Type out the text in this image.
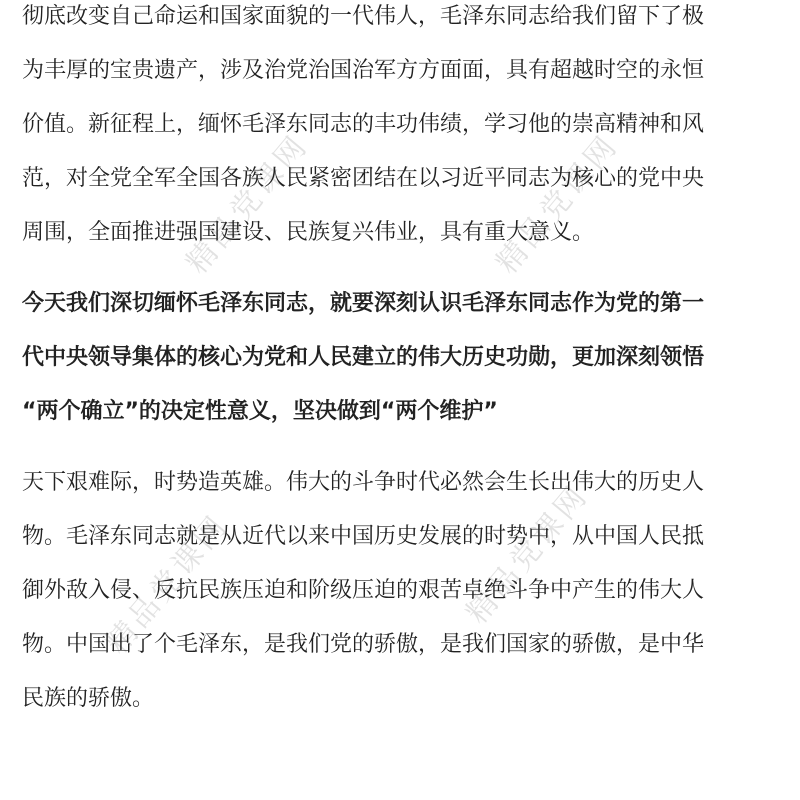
精品党课网	精品党课网
精品党课网	精品党课网
彻底改变自己命运和国家面貌的一代伟人，毛泽东同志给我们留下了极
为丰厚的宝贵遗产，涉及治党治国治军方方面面，具有超越时空的永恒
价值。新征程上，缅怀毛泽东同志的丰功伟绩，学习他的崇高精神和风
范，对全党全军全国各族人民紧密团结在以习近平同志为核心的党中央
周围，全面推进强国建设、民族复兴伟业，具有重大意义。
今天我们深切缅怀毛泽东同志，就要深刻认识毛泽东同志作为党的第一
代中央领导集体的核心为党和人民建立的伟大历史功勋，更加深刻领悟
“两个确立”的决定性意义，坚决做到“两个维护”
天下艰难际，时势造英雄。伟大的斗争时代必然会生长出伟大的历史人
物。毛泽东同志就是从近代以来中国历史发展的时势中，从中国人民抵
御外敌入侵、反抗民族压迫和阶级压迫的艰苦卓绝斗争中产生的伟大人
物。中国出了个毛泽东，是我们党的骄傲，是我们国家的骄傲，是中华
民族的骄傲。
